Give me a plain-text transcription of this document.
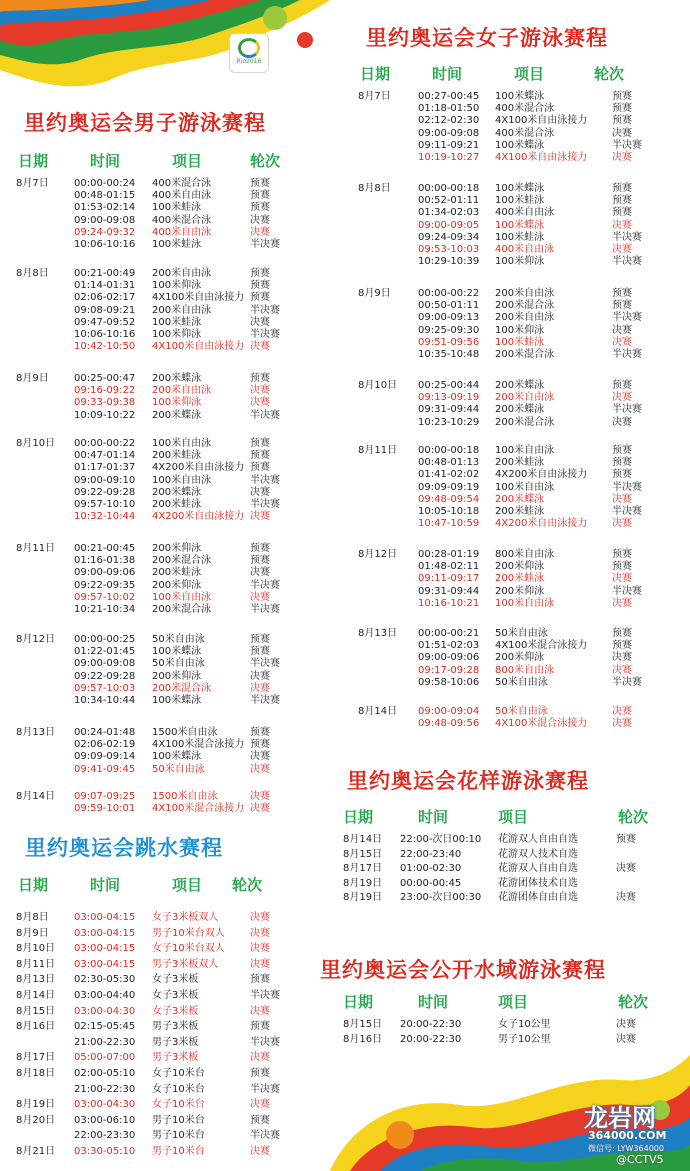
Rio2016
龙岩网
364000.COM
微信号: LYW364000
@CCTV5
里约奥运会男子游泳赛程
里约奥运会女子游泳赛程
里约奥运会跳水赛程
里约奥运会花样游泳赛程
里约奥运会公开水域游泳赛程
日期	时间	项目	轮次
8月7日	00:00-00:24 400米混合泳	预赛
00:48-01:15 400米自由泳	预赛
01:53-02:14 100米蛙泳	预赛
09:00-09:08 400米混合泳	决赛
09:24-09:32 400米自由泳	决赛
10:06-10:16 100米蛙泳	半决赛
8月8日	00:21-00:49 200米自由泳	预赛
01:14-01:31 100米仰泳	预赛
02:06-02:17 4X100米自由泳接力 预赛
09:08-09:21 200米自由泳	半决赛
09:47-09:52 100米蛙泳	决赛
10:06-10:16 100米仰泳	半决赛
10:42-10:50 4X100米自由泳接力 决赛
8月9日	00:25-00:47 200米蝶泳	预赛
09:16-09:22 200米自由泳	决赛
09:33-09:38 100米仰泳	决赛
10:09-10:22 200米蝶泳	半决赛
8月10日 00:00-00:22 100米自由泳	预赛
00:47-01:14 200米蛙泳	预赛
01:17-01:37 4X200米自由泳接力 预赛
09:00-09:10 100米自由泳	半决赛
09:22-09:28 200米蝶泳	决赛
09:57-10:10 200米蛙泳	半决赛
10:32-10:44 4X200米自由泳接力 决赛
8月11日 00:21-00:45 200米仰泳	预赛
01:16-01:38 200米混合泳	预赛
09:00-09:06 200米蛙泳	决赛
09:22-09:35 200米仰泳	半决赛
09:57-10:02 100米自由泳	决赛
10:21-10:34 200米混合泳	半决赛
8月12日 00:00-00:25 50米自由泳	预赛
01:22-01:45 100米蝶泳	预赛
09:00-09:08 50米自由泳	半决赛
09:22-09:28 200米仰泳	决赛
09:57-10:03 200米混合泳	决赛
10:34-10:44 100米蝶泳	半决赛
8月13日 00:24-01:48 1500米自由泳	预赛
02:06-02:19 4X100米混合泳接力 预赛
09:09-09:14 100米蝶泳	决赛
09:41-09:45 50米自由泳	决赛
8月14日 09:07-09:25 1500米自由泳	决赛
09:59-10:01 4X100米混合泳接力 决赛
日期	时间	项目	轮次
8月7日	00:27-00:45 100米蝶泳	预赛
01:18-01:50 400米混合泳	预赛
02:12-02:30 4X100米自由泳接力 预赛
09:00-09:08 400米混合泳	决赛
09:11-09:21 100米蝶泳	半决赛
10:19-10:27 4X100米自由泳接力 决赛
8月8日	00:00-00:18 100米蝶泳	预赛
00:52-01:11 100米蛙泳	预赛
01:34-02:03 400米自由泳	预赛
09:00-09:05 100米蝶泳	决赛
09:24-09:34 100米蛙泳	半决赛
09:53-10:03 400米自由泳	决赛
10:29-10:39 100米仰泳	半决赛
8月9日	00:00-00:22 200米自由泳	预赛
00:50-01:11 200米混合泳	预赛
09:00-09:13 200米自由泳	半决赛
09:25-09:30 100米仰泳	决赛
09:51-09:56 100米蛙泳	决赛
10:35-10:48 200米混合泳	半决赛
8月10日 00:25-00:44 200米蝶泳	预赛
09:13-09:19 200米自由泳	决赛
09:31-09:44 200米蝶泳	半决赛
10:23-10:29 200米混合泳	决赛
8月11日 00:00-00:18 100米自由泳	预赛
00:48-01:13 200米蛙泳	预赛
01:41-02:02 4X200米自由泳接力 预赛
09:09-09:19 100米自由泳	半决赛
09:48-09:54 200米蝶泳	决赛
10:05-10:18 200米蛙泳	半决赛
10:47-10:59 4X200米自由泳接力 决赛
8月12日 00:28-01:19 800米自由泳	预赛
01:48-02:11 200米仰泳	预赛
09:11-09:17 200米蛙泳	决赛
09:31-09:44 200米仰泳	半决赛
10:16-10:21 100米自由泳	决赛
8月13日 00:00-00:21 50米自由泳	预赛
01:51-02:03 4X100米混合泳接力 预赛
09:00-09:06 200米仰泳	决赛
09:17-09:28 800米自由泳	决赛
09:58-10:06 50米自由泳	半决赛
8月14日 09:00-09:04 50米自由泳	决赛
09:48-09:56 4X100米混合泳接力 决赛
日期	时间	项目 轮次
8月8日	03:00-04:15 女子3米板双人	决赛
8月9日	03:00-04:15 男子10米台双人	决赛
8月10日 03:00-04:15 女子10米台双人	决赛
8月11日 03:00-04:15 男子3米板双人	决赛
8月13日 02:30-05:30 女子3米板	预赛
8月14日 03:00-04:40 女子3米板	半决赛
8月15日 03:00-04:30 女子3米板	决赛
8月16日 02:15-05:45 男子3米板	预赛
21:00-22:30 男子3米板	半决赛
8月17日 05:00-07:00 男子3米板	决赛
8月18日 02:00-05:10 女子10米台	预赛
21:00-22:30 女子10米台	半决赛
8月19日 03:00-04:30 女子10米台	决赛
8月20日 03:00-06:10 男子10米台	预赛
22:00-23:30 男子10米台	半决赛
8月21日 03:30-05:10 男子10米台	决赛
日期	时间	项目	轮次
8月14日 22:00-次日00:10 花游双人自由自选	预赛
8月15日 22:00-23:40	花游双人技术自选
8月17日 01:00-02:30	花游双人自由自选	决赛
8月19日 00:00-00:45	花游团体技术自选
8月19日 23:00-次日00:30 花游团体自由自选	决赛
日期	时间	项目	轮次
8月15日 20:00-22:30	女子10公里	决赛
8月16日 20:00-22:30	男子10公里	决赛
